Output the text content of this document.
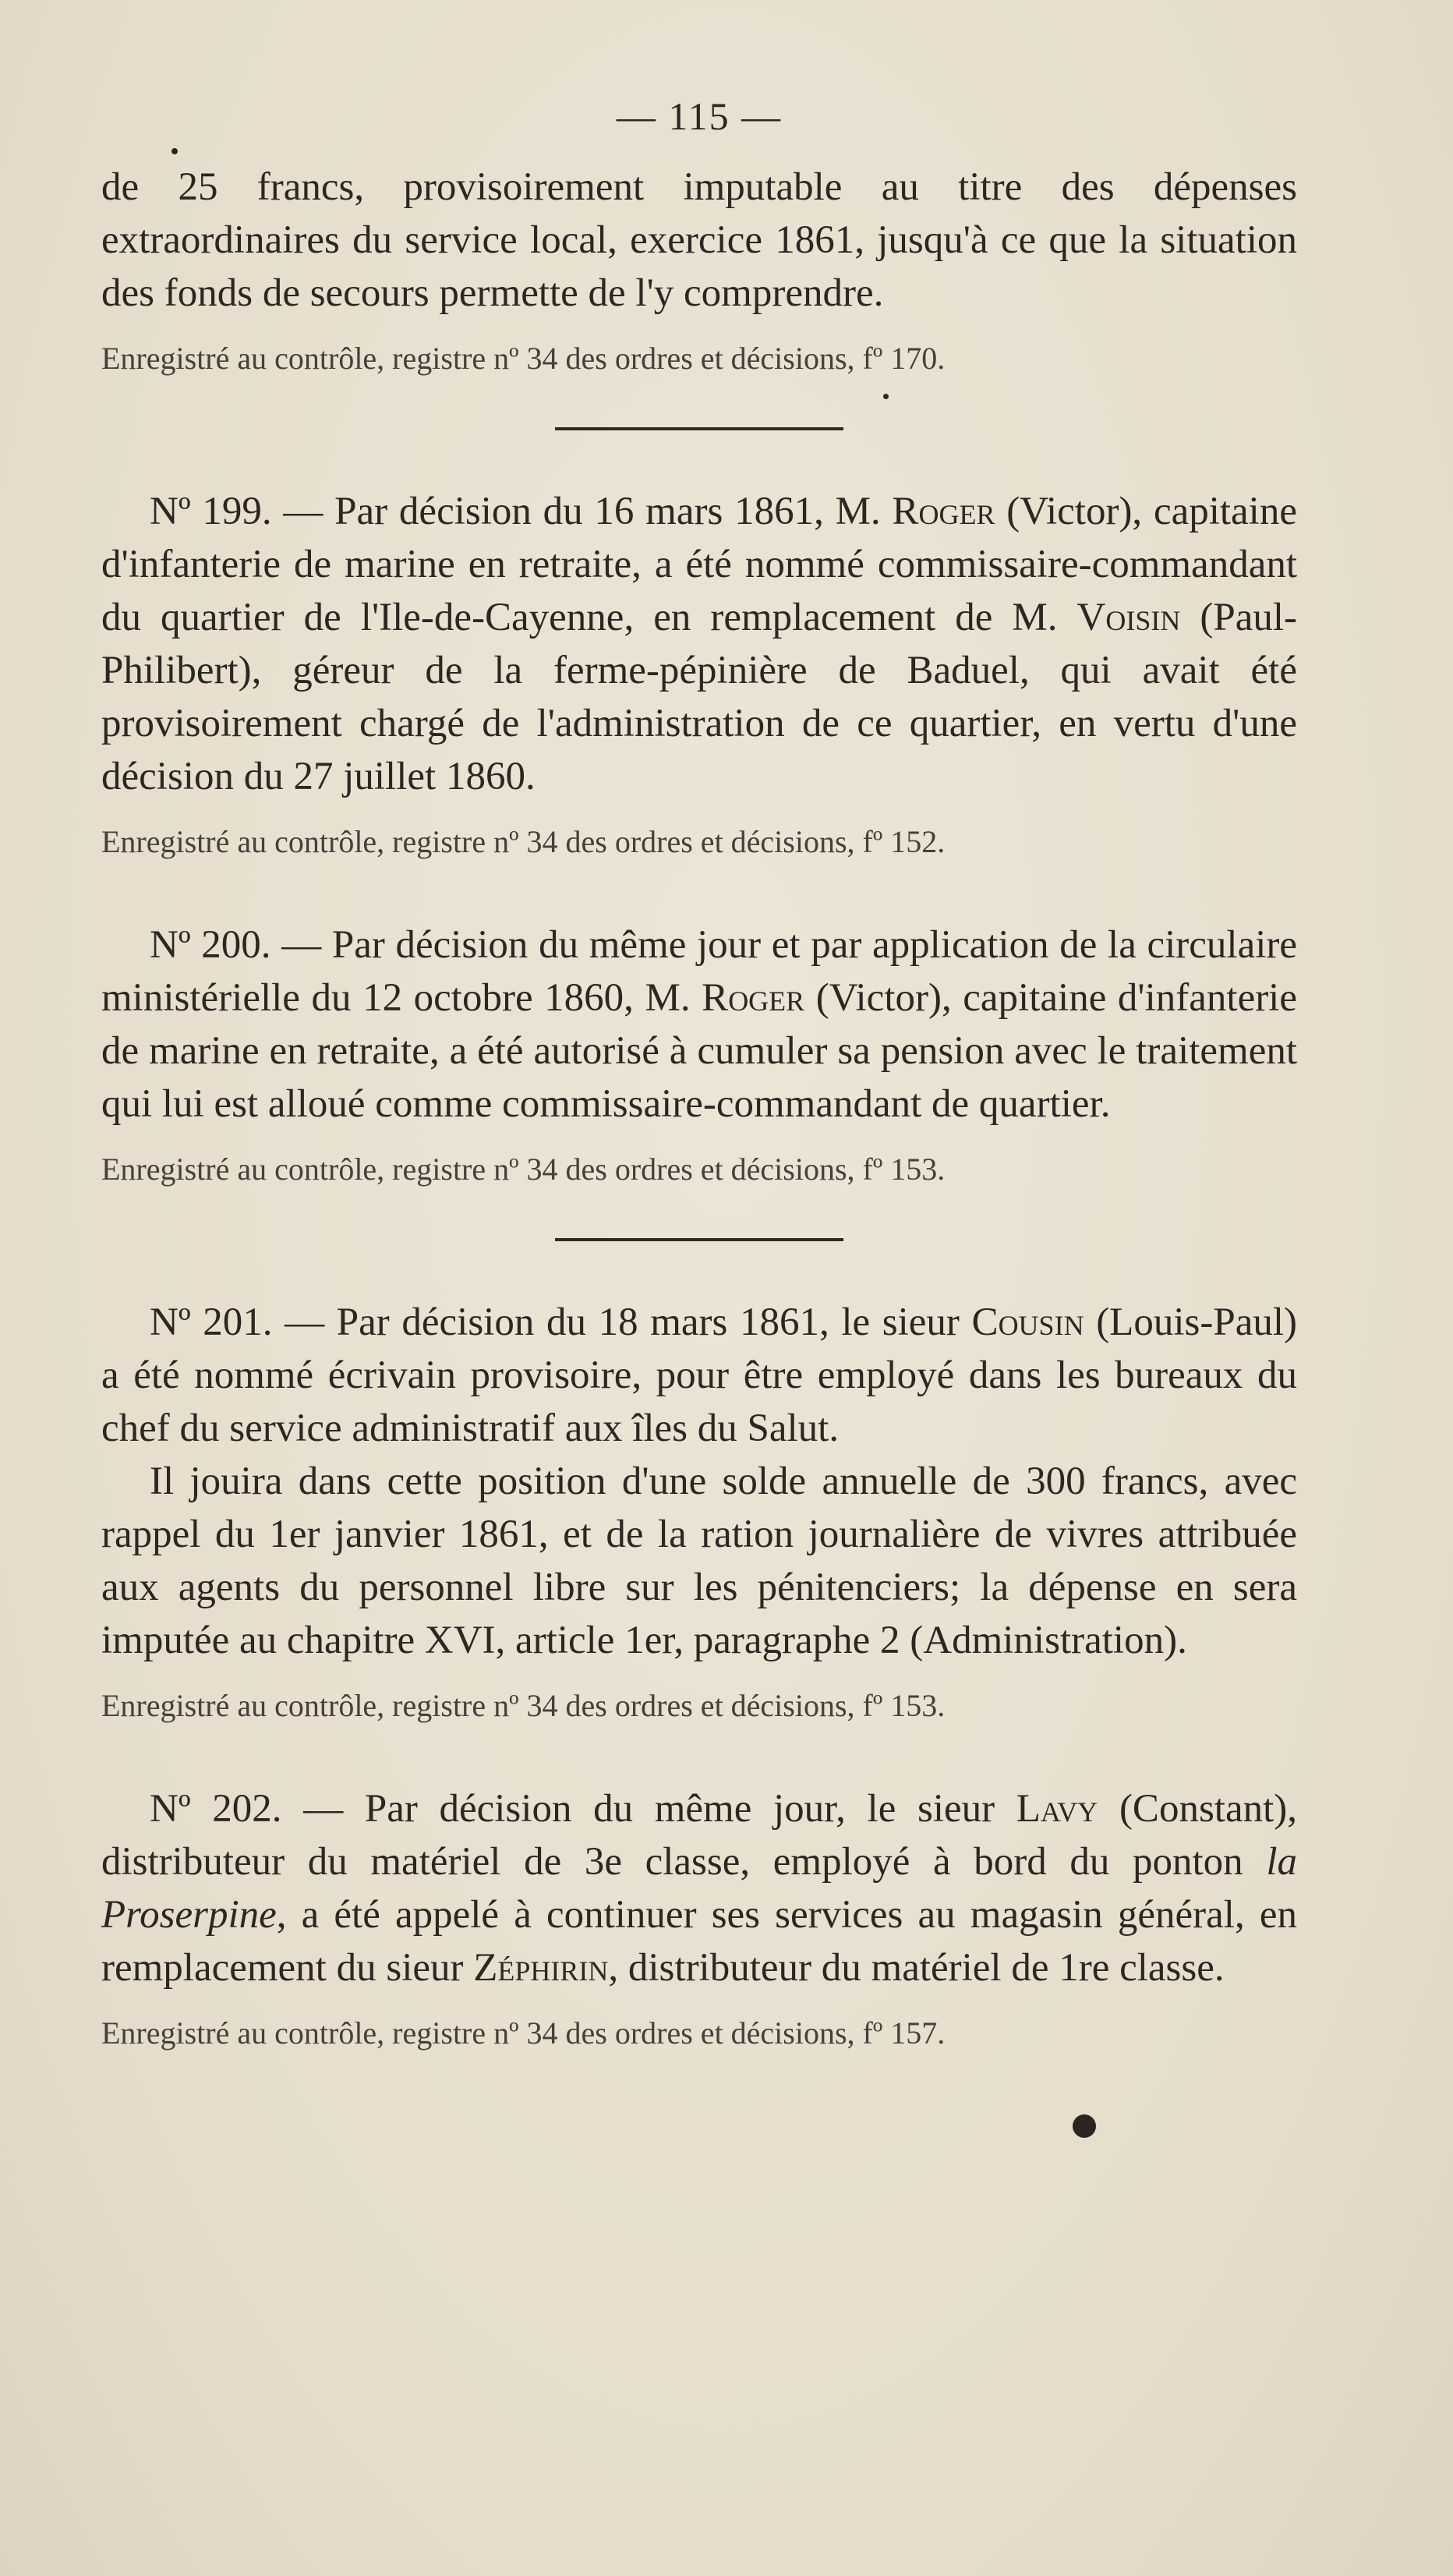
— 115 —

de 25 francs, provisoirement imputable au titre des dépenses extraordinaires du service local, exercice 1861, jusqu'à ce que la situation des fonds de secours permette de l'y comprendre.

Enregistré au contrôle, registre nº 34 des ordres et décisions, fº 170.

Nº 199. — Par décision du 16 mars 1861, M. Roger (Victor), capitaine d'infanterie de marine en retraite, a été nommé commissaire-commandant du quartier de l'Ile-de-Cayenne, en remplacement de M. Voisin (Paul-Philibert), géreur de la ferme-pépinière de Baduel, qui avait été provisoirement chargé de l'administration de ce quartier, en vertu d'une décision du 27 juillet 1860.

Enregistré au contrôle, registre nº 34 des ordres et décisions, fº 152.

Nº 200. — Par décision du même jour et par application de la circulaire ministérielle du 12 octobre 1860, M. Roger (Victor), capitaine d'infanterie de marine en retraite, a été autorisé à cumuler sa pension avec le traitement qui lui est alloué comme commissaire-commandant de quartier.

Enregistré au contrôle, registre nº 34 des ordres et décisions, fº 153.

Nº 201. — Par décision du 18 mars 1861, le sieur Cousin (Louis-Paul) a été nommé écrivain provisoire, pour être employé dans les bureaux du chef du service administratif aux îles du Salut.

Il jouira dans cette position d'une solde annuelle de 300 francs, avec rappel du 1er janvier 1861, et de la ration journalière de vivres attribuée aux agents du personnel libre sur les pénitenciers; la dépense en sera imputée au chapitre XVI, article 1er, paragraphe 2 (Administration).

Enregistré au contrôle, registre nº 34 des ordres et décisions, fº 153.

Nº 202. — Par décision du même jour, le sieur Lavy (Constant), distributeur du matériel de 3e classe, employé à bord du ponton la Proserpine, a été appelé à continuer ses services au magasin général, en remplacement du sieur Zéphirin, distributeur du matériel de 1re classe.

Enregistré au contrôle, registre nº 34 des ordres et décisions, fº 157.
